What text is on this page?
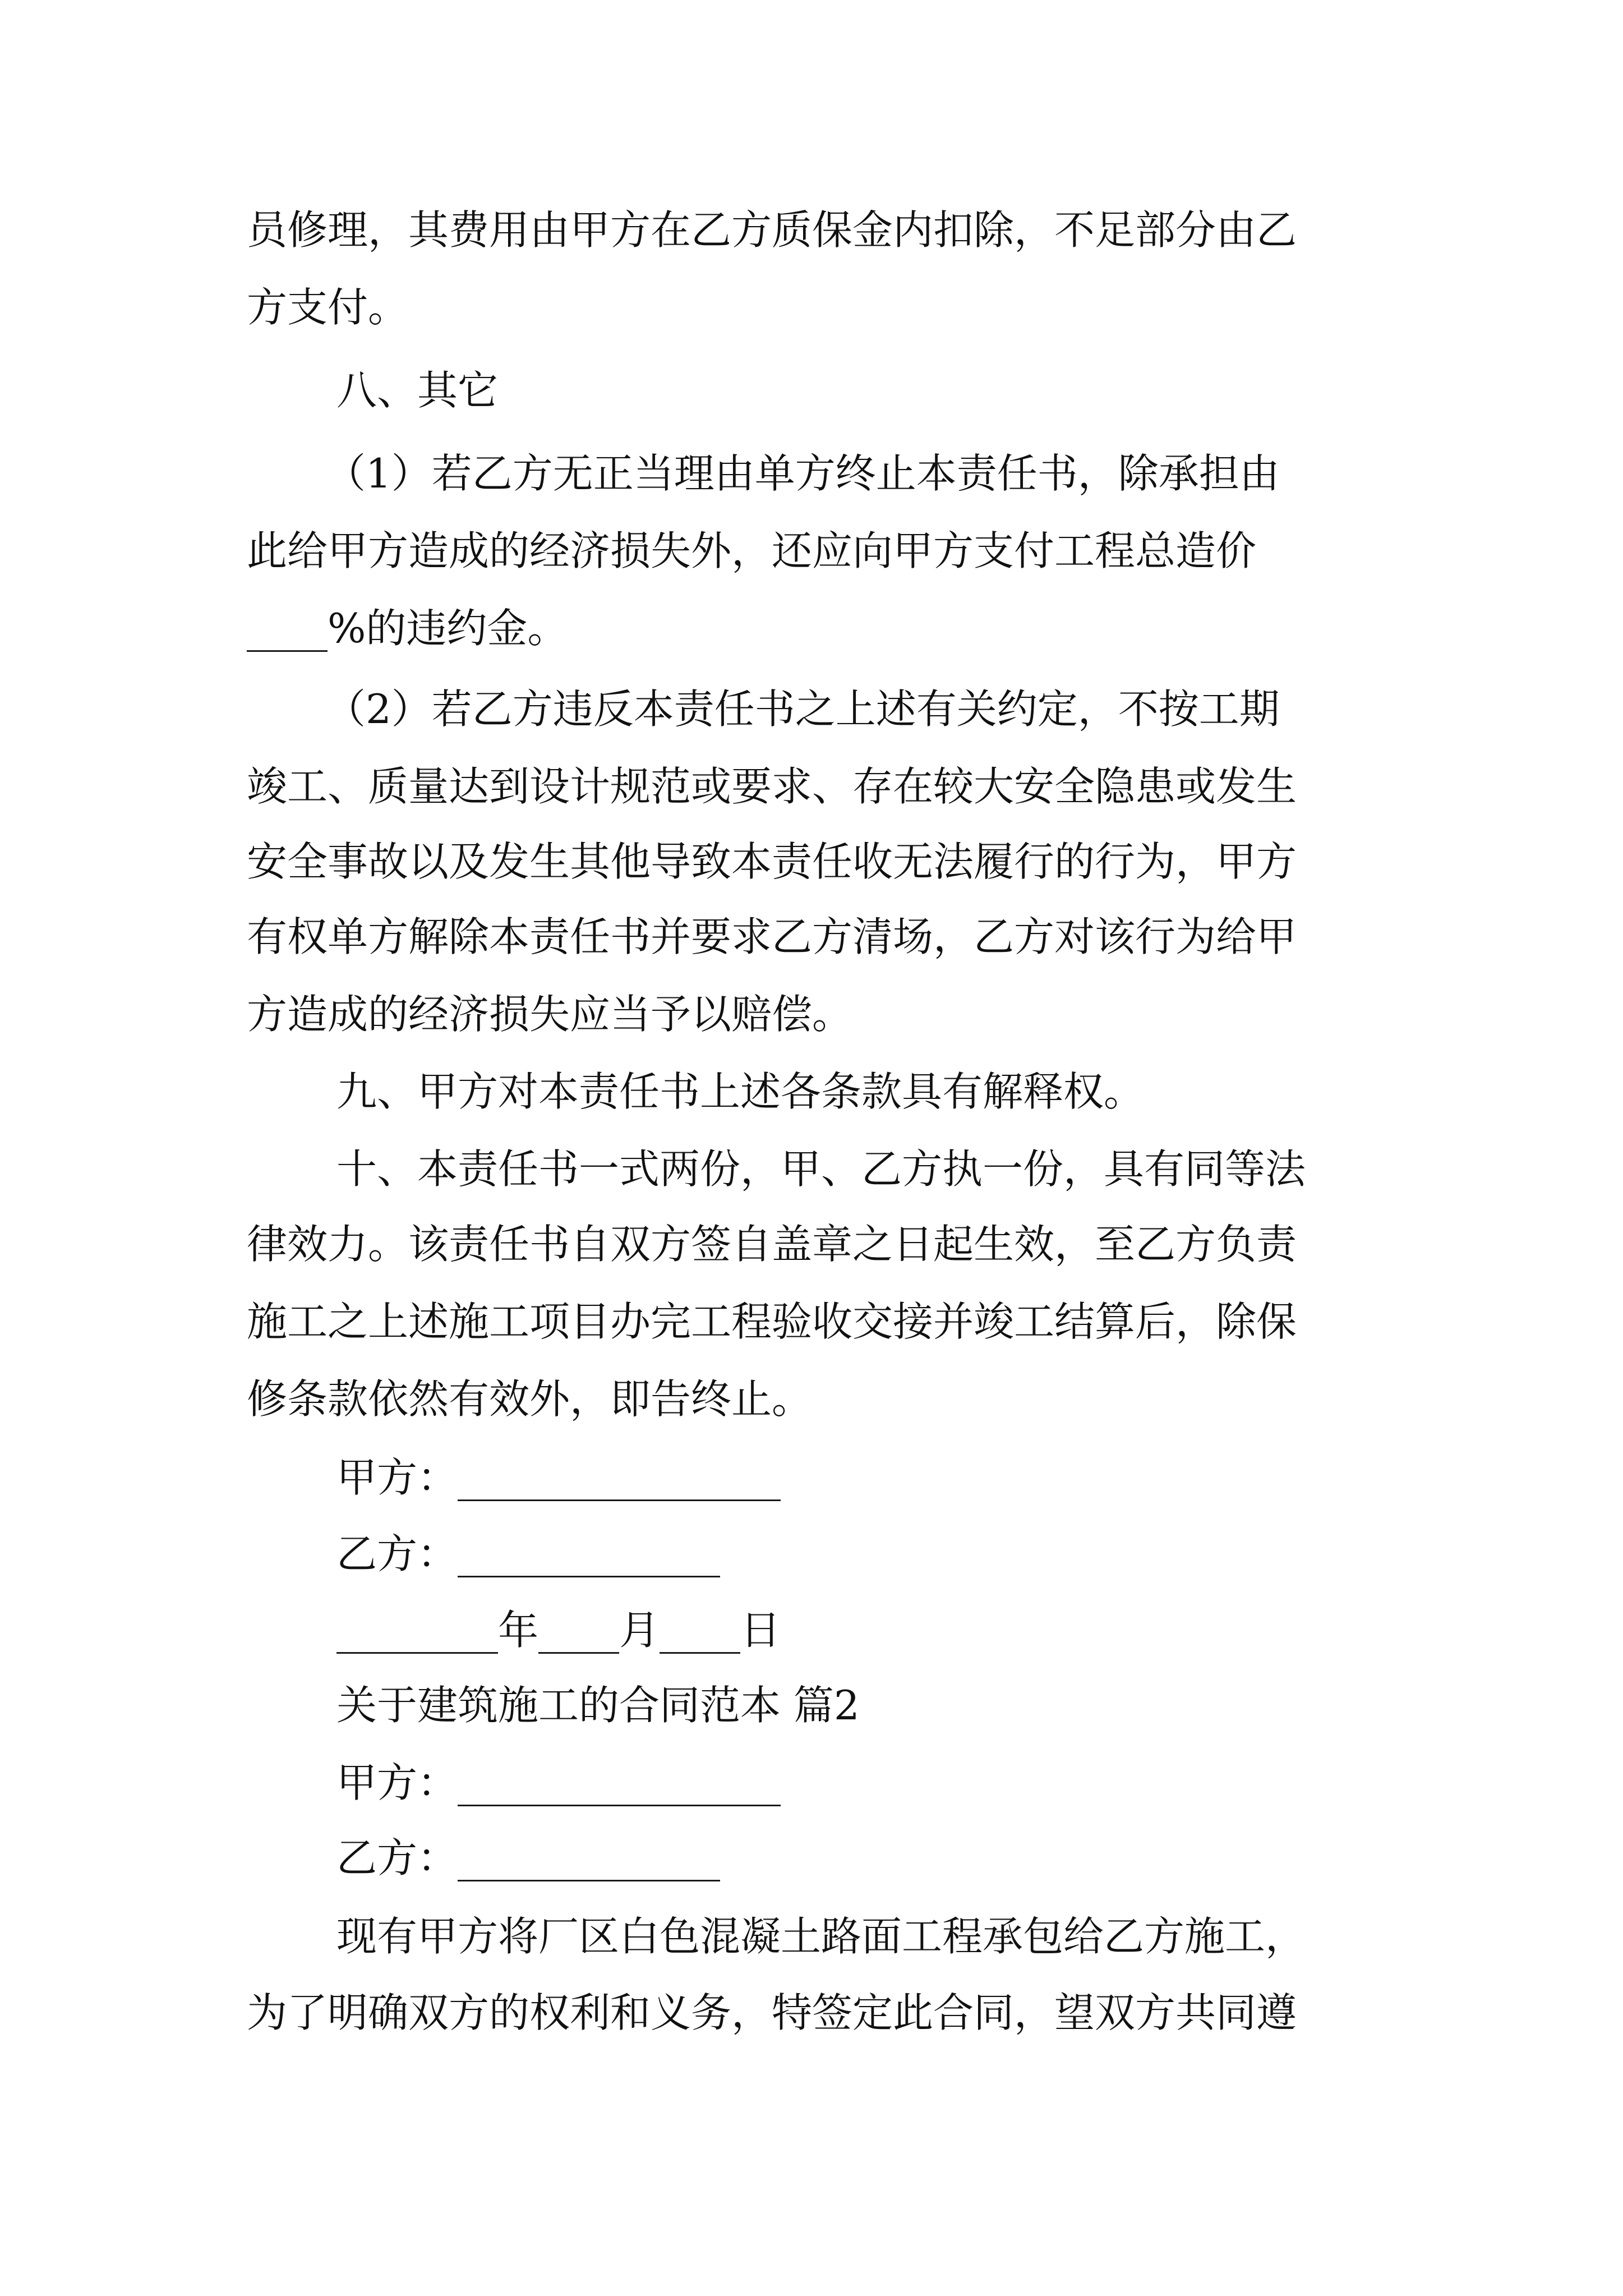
员修理，其费用由甲方在乙方质保金内扣除，不足部分由乙
方支付。
八、其它
（1）若乙方无正当理由单方终止本责任书，除承担由
此给甲方造成的经济损失外，还应向甲方支付工程总造价
____%的违约金。
（2）若乙方违反本责任书之上述有关约定，不按工期
竣工、质量达到设计规范或要求、存在较大安全隐患或发生
安全事故以及发生其他导致本责任收无法履行的行为，甲方
有权单方解除本责任书并要求乙方清场，乙方对该行为给甲
方造成的经济损失应当予以赔偿。
九、甲方对本责任书上述各条款具有解释权。
十、本责任书一式两份，甲、乙方执一份，具有同等法
律效力。该责任书自双方签自盖章之日起生效，至乙方负责
施工之上述施工项目办完工程验收交接并竣工结算后，除保
修条款依然有效外，即告终止。
甲方：________________
乙方：_____________
________年____月____日
关于建筑施工的合同范本 篇2
甲方：________________
乙方：_____________
现有甲方将厂区白色混凝土路面工程承包给乙方施工，
为了明确双方的权利和义务，特签定此合同，望双方共同遵
